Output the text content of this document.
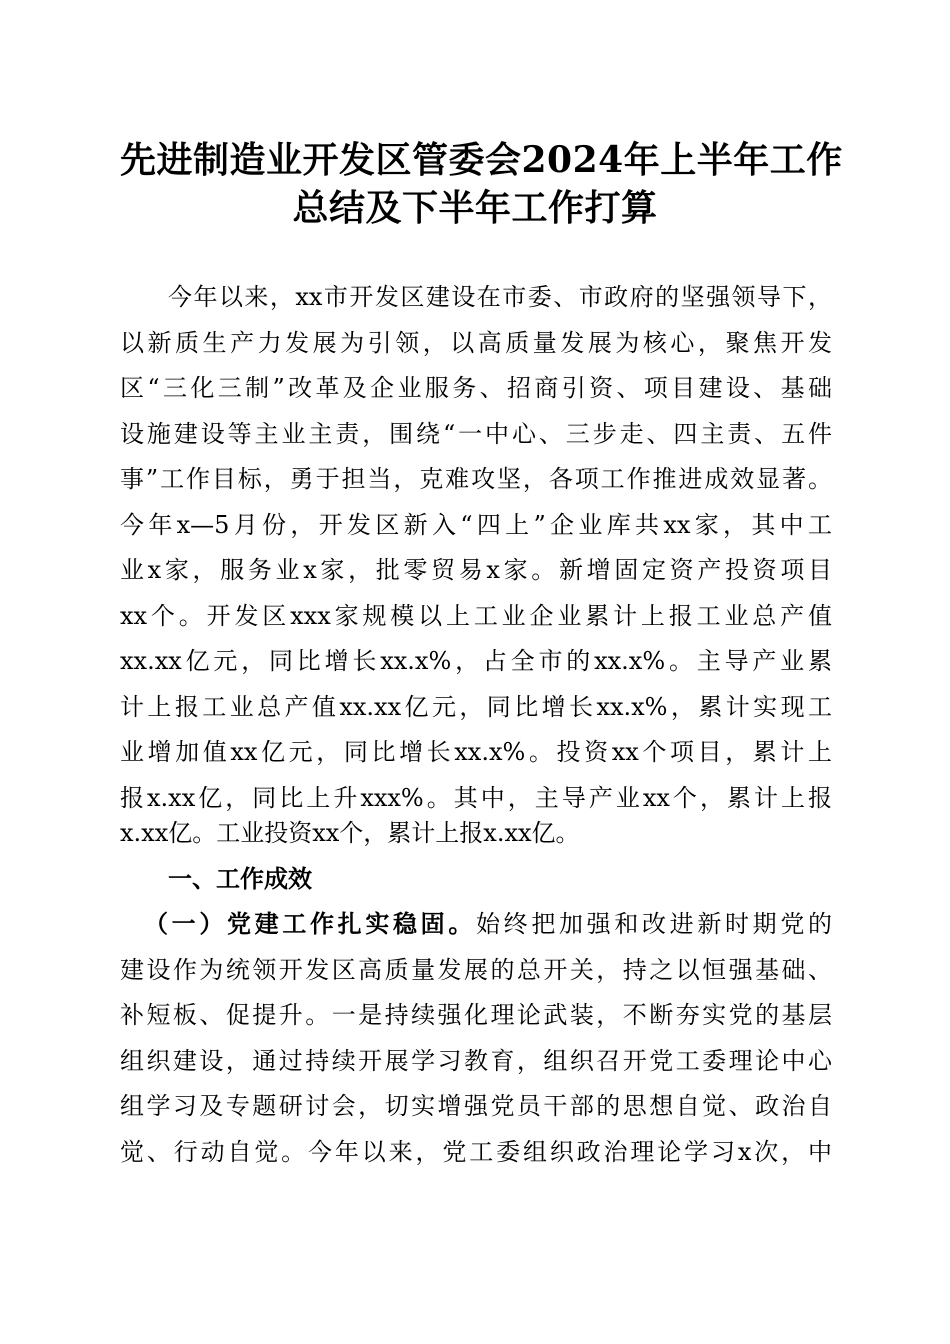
先进制造业开发区管委会2024年上半年工作
总结及下半年工作打算
今年以来，xx市开发区建设在市委、市政府的坚强领导下，
以新质生产力发展为引领，以高质量发展为核心，聚焦开发
区“三化三制”改革及企业服务、招商引资、项目建设、基础
设施建设等主业主责，围绕“一中心、三步走、四主责、五件
事”工作目标，勇于担当，克难攻坚，各项工作推进成效显著。
今年x—5月份，开发区新入“四上”企业库共xx家，其中工
业x家，服务业x家，批零贸易x家。新增固定资产投资项目
xx个。开发区xxx家规模以上工业企业累计上报工业总产值
xx.xx亿元，同比增长xx.x%，占全市的xx.x%。主导产业累
计上报工业总产值xx.xx亿元，同比增长xx.x%，累计实现工
业增加值xx亿元，同比增长xx.x%。投资xx个项目，累计上
报x.xx亿，同比上升xxx%。其中，主导产业xx个，累计上报
x.xx亿。工业投资xx个，累计上报x.xx亿。
一、工作成效
（一）党建工作扎实稳固。始终把加强和改进新时期党的
建设作为统领开发区高质量发展的总开关，持之以恒强基础、
补短板、促提升。一是持续强化理论武装，不断夯实党的基层
组织建设，通过持续开展学习教育，组织召开党工委理论中心
组学习及专题研讨会，切实增强党员干部的思想自觉、政治自
觉、行动自觉。今年以来，党工委组织政治理论学习x次，中
